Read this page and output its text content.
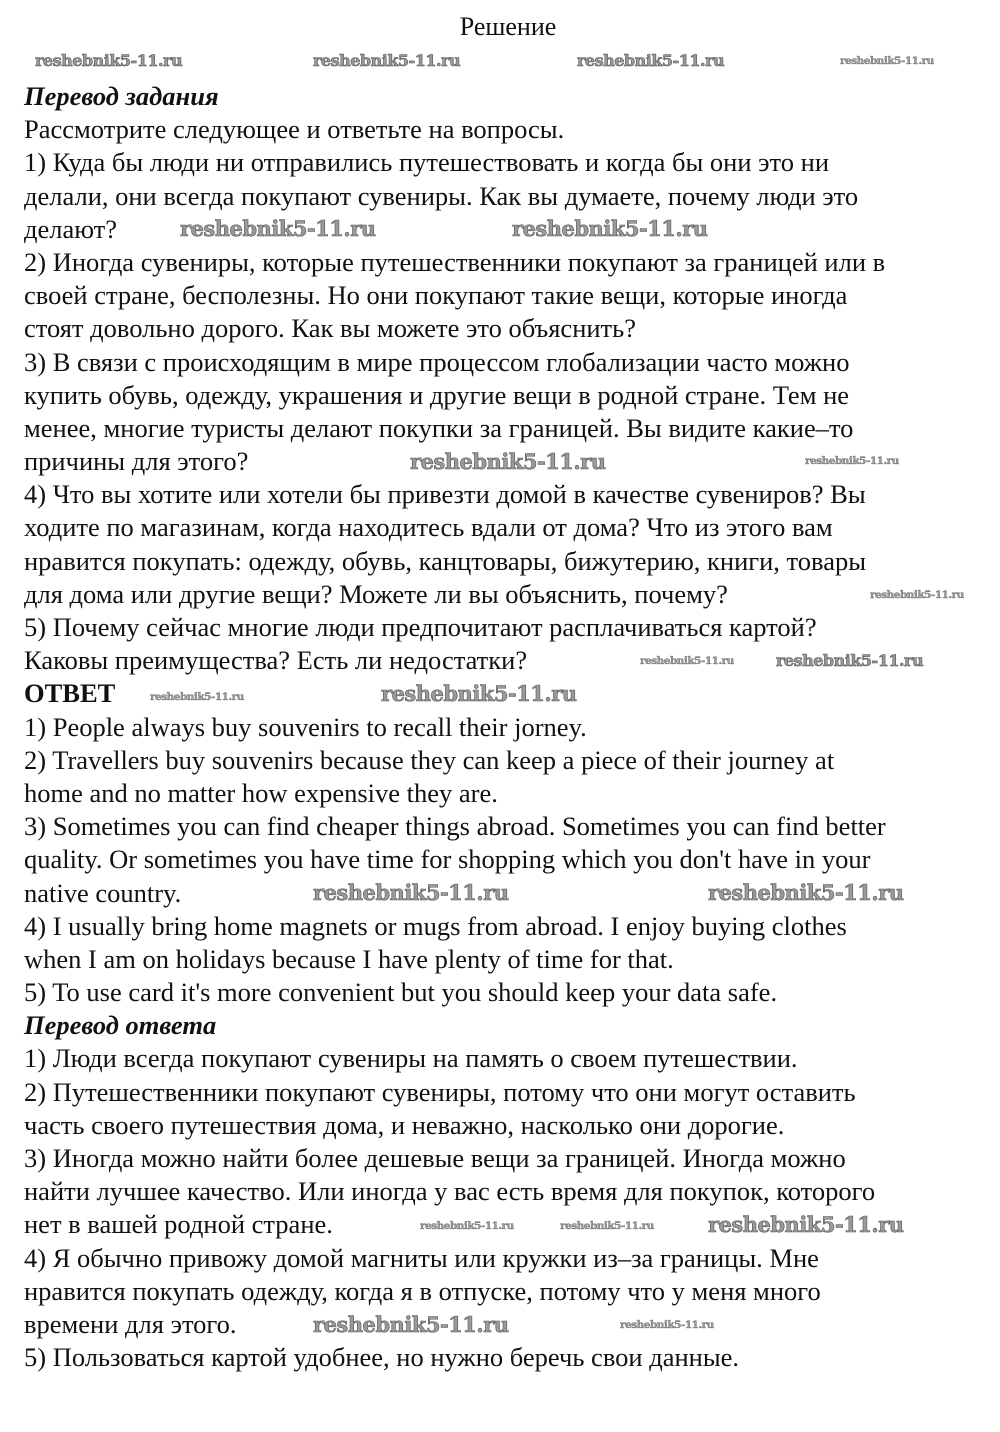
Решение
Перевод задания
Рассмотрите следующее и ответьте на вопросы.
1) Куда бы люди ни отправились путешествовать и когда бы они это ни
делали, они всегда покупают сувениры. Как вы думаете, почему люди это
делают?
2) Иногда сувениры, которые путешественники покупают за границей или в
своей стране, бесполезны. Но они покупают такие вещи, которые иногда
стоят довольно дорого. Как вы можете это объяснить?
3) В связи с происходящим в мире процессом глобализации часто можно
купить обувь, одежду, украшения и другие вещи в родной стране. Тем не
менее, многие туристы делают покупки за границей. Вы видите какие–то
причины для этого?
4) Что вы хотите или хотели бы привезти домой в качестве сувениров? Вы
ходите по магазинам, когда находитесь вдали от дома? Что из этого вам
нравится покупать: одежду, обувь, канцтовары, бижутерию, книги, товары
для дома или другие вещи? Можете ли вы объяснить, почему?
5) Почему сейчас многие люди предпочитают расплачиваться картой?
Каковы преимущества? Есть ли недостатки?
ОТВЕТ
1) People always buy souvenirs to recall their jorney.
2) Travellers buy souvenirs because they can keep a piece of their journey at
home and no matter how expensive they are.
3) Sometimes you can find cheaper things abroad. Sometimes you can find better
quality. Or sometimes you have time for shopping which you don't have in your
native country.
4) I usually bring home magnets or mugs from abroad. I enjoy buying clothes
when I am on holidays because I have plenty of time for that.
5) To use card it's more convenient but you should keep your data safe.
Перевод ответа
1) Люди всегда покупают сувениры на память о своем путешествии.
2) Путешественники покупают сувениры, потому что они могут оставить
часть своего путешествия дома, и неважно, насколько они дорогие.
3) Иногда можно найти более дешевые вещи за границей. Иногда можно
найти лучшее качество. Или иногда у вас есть время для покупок, которого
нет в вашей родной стране.
4) Я обычно привожу домой магниты или кружки из–за границы. Мне
нравится покупать одежду, когда я в отпуске, потому что у меня много
времени для этого.
5) Пользоваться картой удобнее, но нужно беречь свои данные.
reshebnik5-11.ru	reshebnik5-11.ru	reshebnik5-11.ru	reshebnik5-11.ru
reshebnik5-11.ru	reshebnik5-11.ru
reshebnik5-11.ru	reshebnik5-11.ru
reshebnik5-11.ru
reshebnik5-11.ru	reshebnik5-11.ru
reshebnik5-11.ru	reshebnik5-11.ru
reshebnik5-11.ru	reshebnik5-11.ru
reshebnik5-11.ru	reshebnik5-11.ru	reshebnik5-11.ru
reshebnik5-11.ru	reshebnik5-11.ru
